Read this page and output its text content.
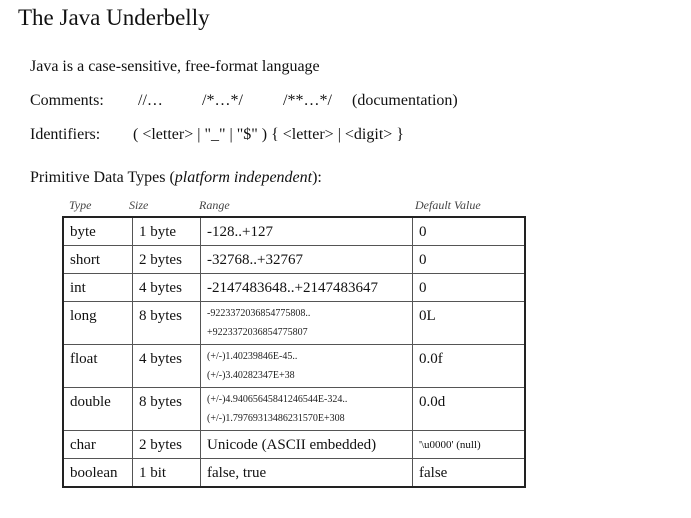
The Java Underbelly
Java is a case-sensitive, free-format language
Comments: //… /*…*/	/**…*/ (documentation)
Identifiers: ( <letter> | "_" | "$" ) { <letter> | <digit> }
Primitive Data Types (platform independent):
Type	Size	Range	Default Value
byte	1 byte	-128..+127	0
short	2 bytes	-32768..+32767	0
int	4 bytes	-2147483648..+2147483647	0
long	8 bytes	-9223372036854775808..
+9223372036854775807	0L
float	4 bytes	(+/-)1.40239846E-45..
(+/-)3.40282347E+38	0.0f
double	8 bytes	(+/-)4.94065645841246544E-324..
(+/-)1.79769313486231570E+308	0.0d
char	2 bytes	Unicode (ASCII embedded)	'\u0000' (null)
boolean	1 bit	false, true	false
